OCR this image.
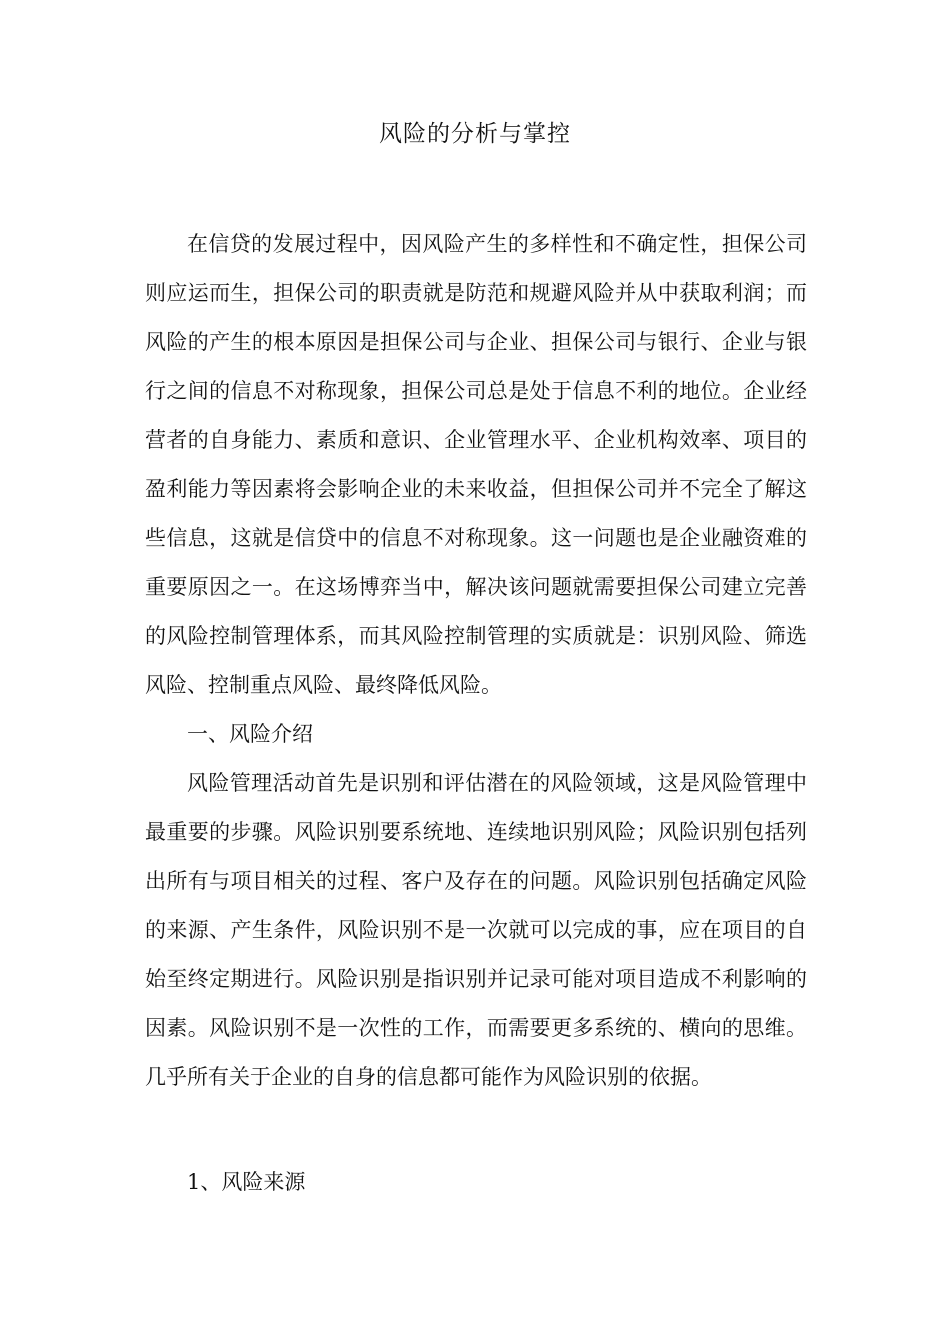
风险的分析与掌控

在信贷的发展过程中，因风险产生的多样性和不确定性，担保公司则应运而生，担保公司的职责就是防范和规避风险并从中获取利润；而风险的产生的根本原因是担保公司与企业、担保公司与银行、企业与银行之间的信息不对称现象，担保公司总是处于信息不利的地位。企业经营者的自身能力、素质和意识、企业管理水平、企业机构效率、项目的盈利能力等因素将会影响企业的未来收益，但担保公司并不完全了解这些信息，这就是信贷中的信息不对称现象。这一问题也是企业融资难的重要原因之一。在这场博弈当中，解决该问题就需要担保公司建立完善的风险控制管理体系，而其风险控制管理的实质就是：识别风险、筛选风险、控制重点风险、最终降低风险。

一、风险介绍

风险管理活动首先是识别和评估潜在的风险领域，这是风险管理中最重要的步骤。风险识别要系统地、连续地识别风险；风险识别包括列出所有与项目相关的过程、客户及存在的问题。风险识别包括确定风险的来源、产生条件，风险识别不是一次就可以完成的事，应在项目的自始至终定期进行。风险识别是指识别并记录可能对项目造成不利影响的因素。风险识别不是一次性的工作，而需要更多系统的、横向的思维。几乎所有关于企业的自身的信息都可能作为风险识别的依据。

1、风险来源
